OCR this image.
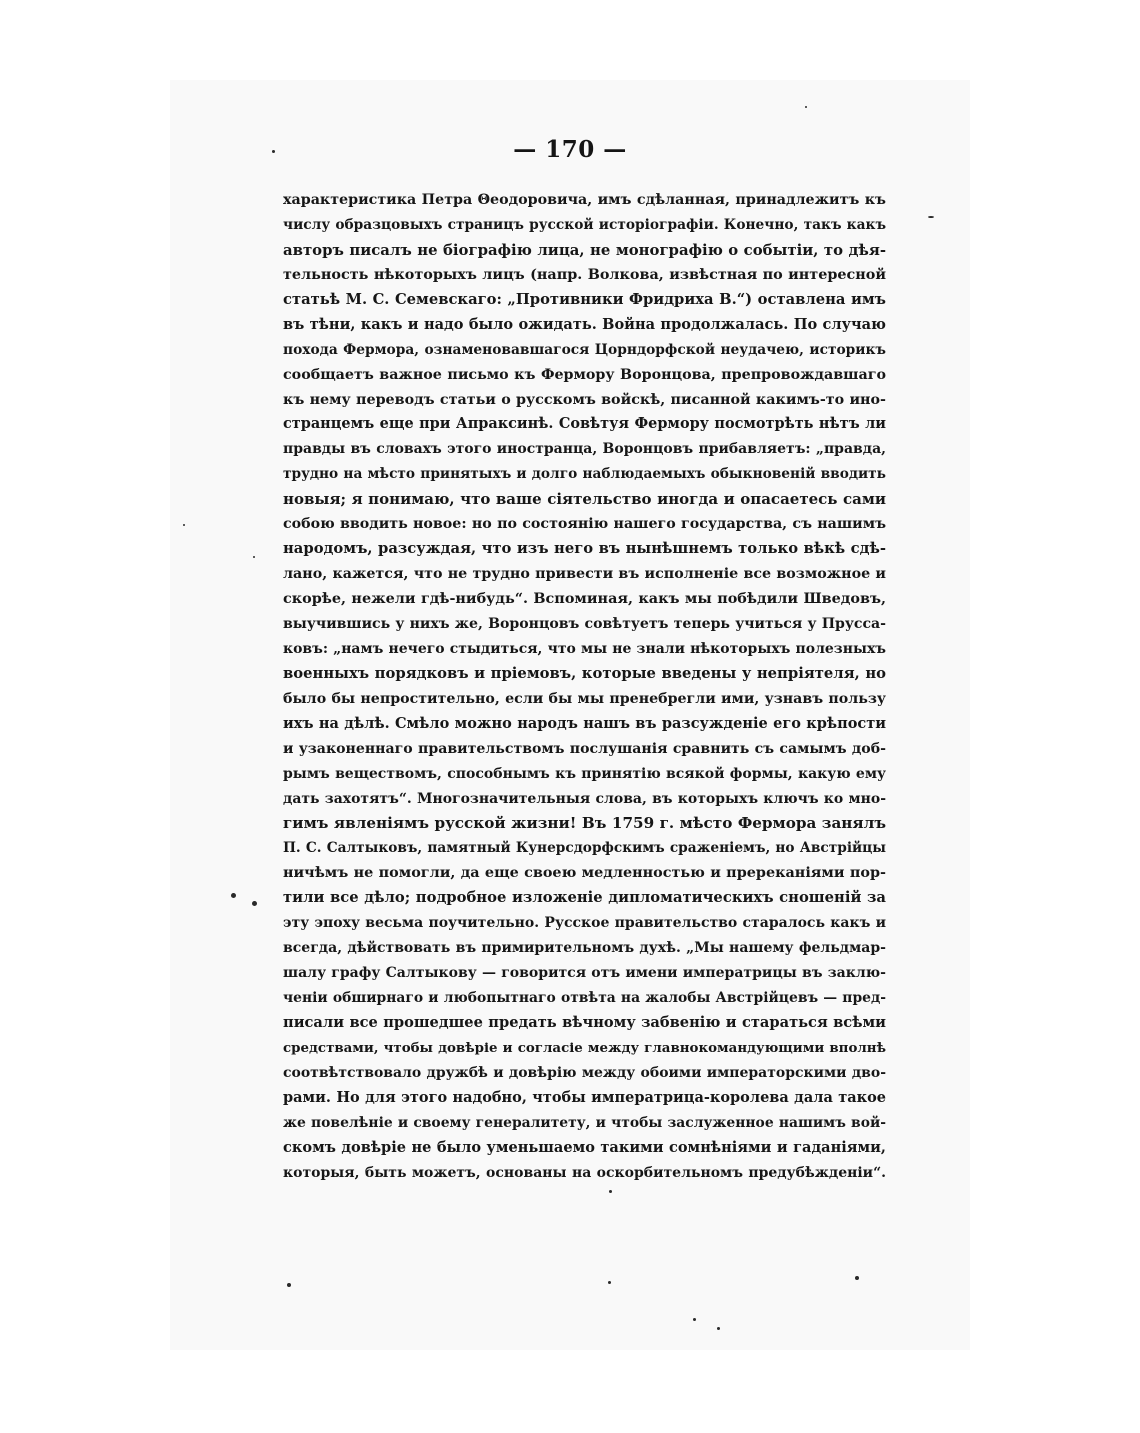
— 170 —
характеристика Петра Θеодоровича, имъ сдѣланная, принадлежитъ къ
числу образцовыхъ страницъ русской исторіографіи. Конечно, такъ какъ
авторъ писалъ не біографію лица, не монографію о событіи, то дѣя-
тельность нѣкоторыхъ лицъ (напр. Волкова, извѣстная по интересной
статьѣ М. С. Семевскаго: „Противники Фридриха В.“) оставлена имъ
въ тѣни, какъ и надо было ожидать. Война продолжалась. По случаю
похода Фермора, ознаменовавшагося Цорндорфской неудачею, историкъ
сообщаетъ важное письмо къ Фермору Воронцова, препровождавшаго
къ нему переводъ статьи о русскомъ войскѣ, писанной какимъ-то ино-
странцемъ еще при Апраксинѣ. Совѣтуя Фермору посмотрѣть нѣтъ ли
правды въ словахъ этого иностранца, Воронцовъ прибавляетъ: „правда,
трудно на мѣсто принятыхъ и долго наблюдаемыхъ обыкновеній вводить
новыя; я понимаю, что ваше сіятельство иногда и опасаетесь сами
собою вводить новое: но по состоянію нашего государства, съ нашимъ
народомъ, разсуждая, что изъ него въ нынѣшнемъ только вѣкѣ сдѣ-
лано, кажется, что не трудно привести въ исполненіе все возможное и
скорѣе, нежели гдѣ-нибудь“. Вспоминая, какъ мы побѣдили Шведовъ,
выучившись у нихъ же, Воронцовъ совѣтуетъ теперь учиться у Прусса-
ковъ: „намъ нечего стыдиться, что мы не знали нѣкоторыхъ полезныхъ
военныхъ порядковъ и пріемовъ, которые введены у непріятеля, но
было бы непростительно, если бы мы пренебрегли ими, узнавъ пользу
ихъ на дѣлѣ. Смѣло можно народъ нашъ въ разсужденіе его крѣпости
и узаконеннаго правительствомъ послушанія сравнить съ самымъ доб-
рымъ веществомъ, способнымъ къ принятію всякой формы, какую ему
дать захотятъ“. Многозначительныя слова, въ которыхъ ключъ ко мно-
гимъ явленіямъ русской жизни! Въ 1759 г. мѣсто Фермора занялъ
П. С. Салтыковъ, памятный Кунерсдорфскимъ сраженіемъ, но Австрійцы
ничѣмъ не помогли, да еще своею медленностью и пререканіями пор-
тили все дѣло; подробное изложеніе дипломатическихъ сношеній за
эту эпоху весьма поучительно. Русское правительство старалось какъ и
всегда, дѣйствовать въ примирительномъ духѣ. „Мы нашему фельдмар-
шалу графу Салтыкову — говорится отъ имени императрицы въ заклю-
ченіи обширнаго и любопытнаго отвѣта на жалобы Австрійцевъ — пред-
писали все прошедшее предать вѣчному забвенію и стараться всѣми
средствами, чтобы довѣріе и согласіе между главнокомандующими вполнѣ
соотвѣтствовало дружбѣ и довѣрію между обоими императорскими дво-
рами. Но для этого надобно, чтобы императрица-королева дала такое
же повелѣніе и своему генералитету, и чтобы заслуженное нашимъ вой-
скомъ довѣріе не было уменьшаемо такими сомнѣніями и гаданіями,
которыя, быть можетъ, основаны на оскорбительномъ предубѣжденіи“.
